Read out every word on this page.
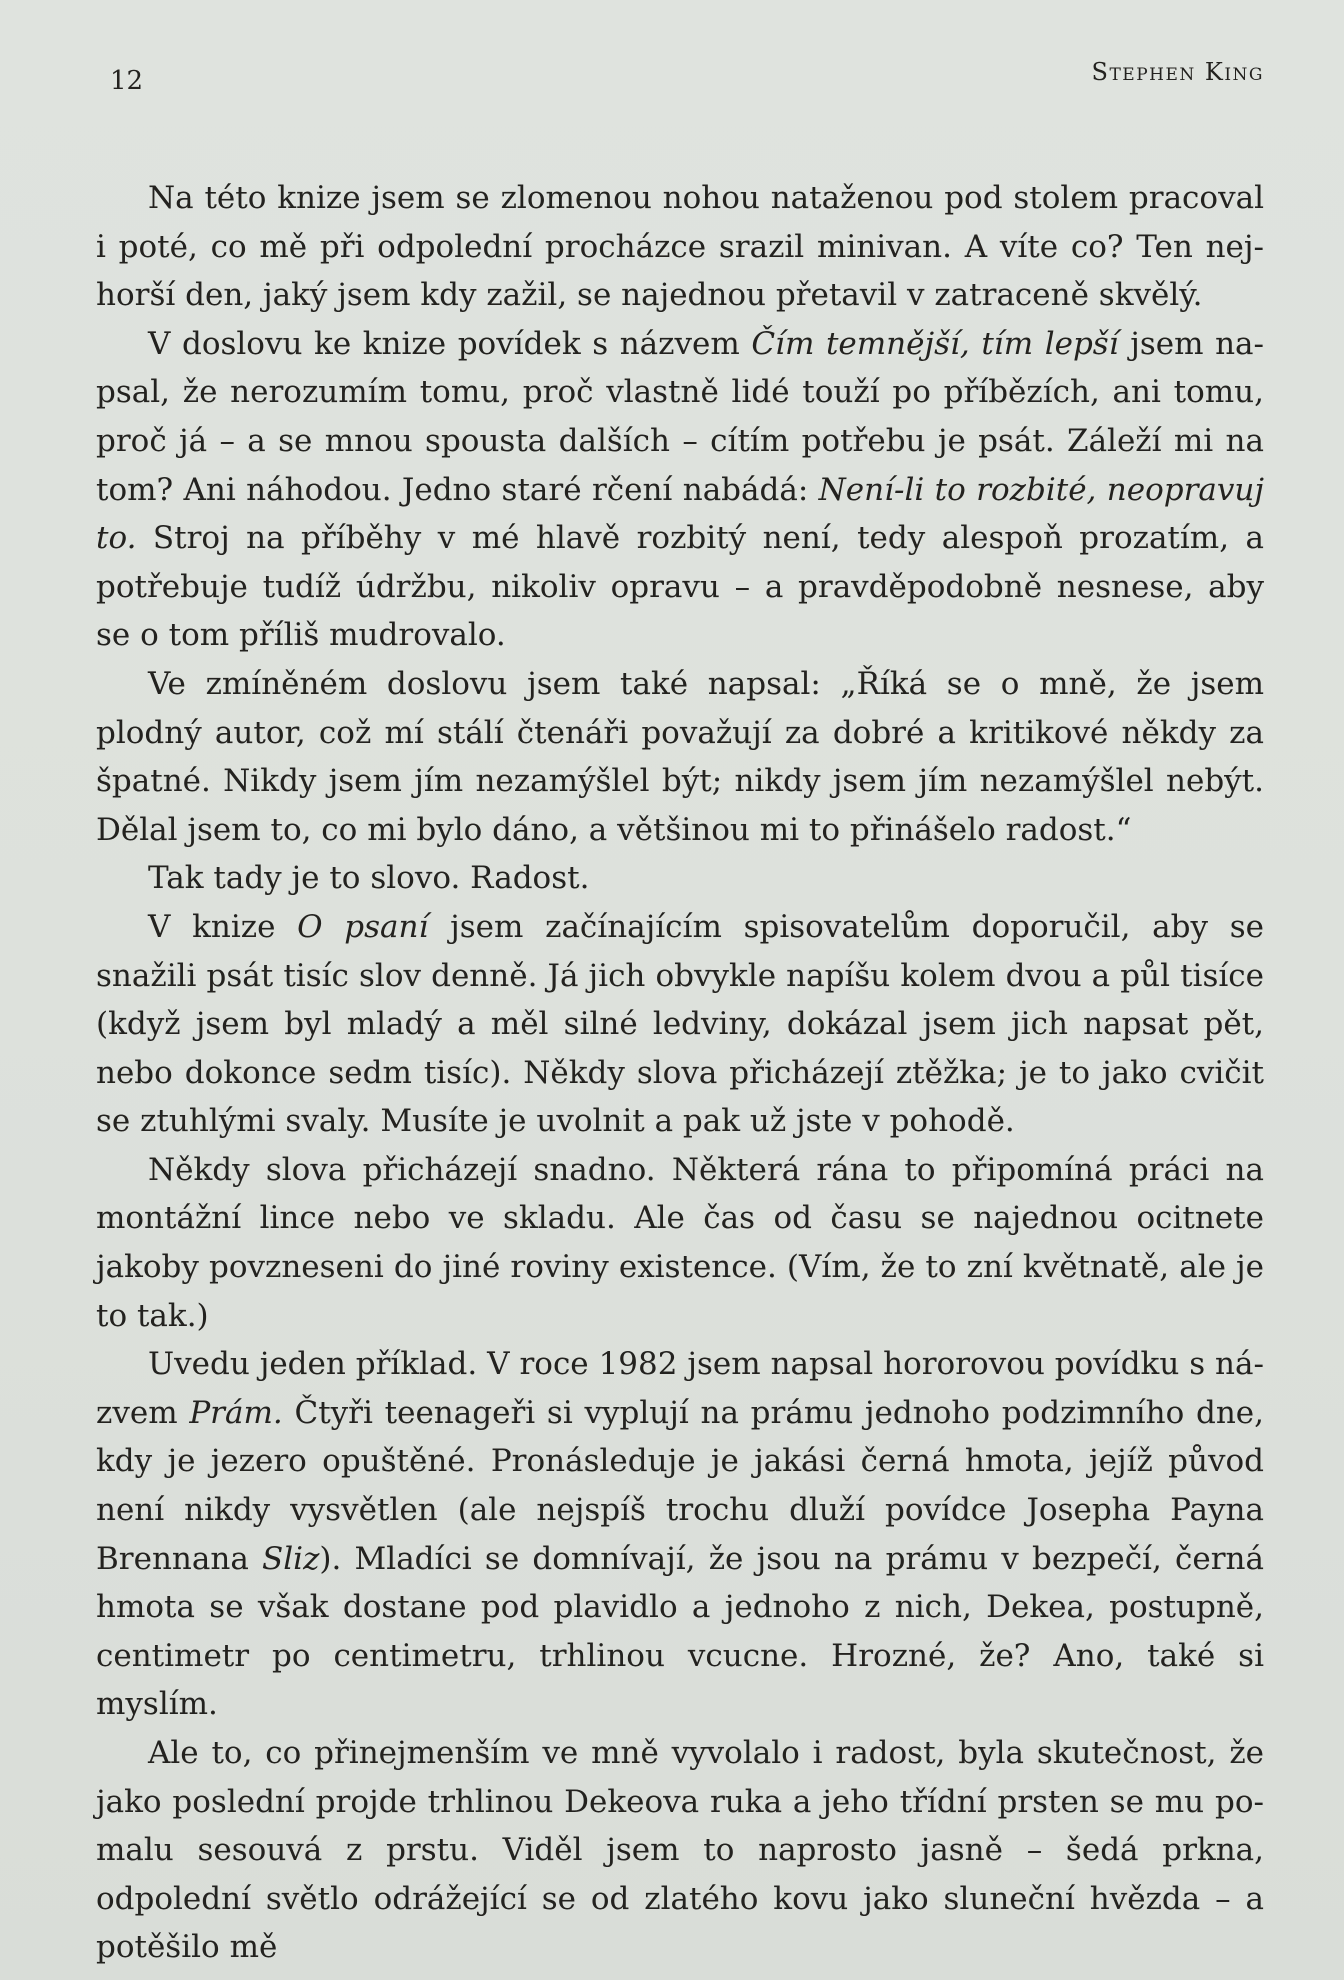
12	Stephen King

Na této knize jsem se zlomenou nohou nataženou pod stolem pracoval i poté, co mě při odpolední procházce srazil minivan. A víte co? Ten nejhorší den, jaký jsem kdy zažil, se najednou přetavil v zatraceně skvělý.

V doslovu ke knize povídek s názvem Čím temnější, tím lepší jsem napsal, že nerozumím tomu, proč vlastně lidé touží po příbězích, ani tomu, proč já – a se mnou spousta dalších – cítím potřebu je psát. Záleží mi na tom? Ani náhodou. Jedno staré rčení nabádá: Není-li to rozbité, neopravuj to. Stroj na příběhy v mé hlavě rozbitý není, tedy alespoň prozatím, a potřebuje tudíž údržbu, nikoliv opravu – a pravděpodobně nesnese, aby se o tom příliš mudrovalo.

Ve zmíněném doslovu jsem také napsal: „Říká se o mně, že jsem plodný autor, což mí stálí čtenáři považují za dobré a kritikové někdy za špatné. Nikdy jsem jím nezamýšlel být; nikdy jsem jím nezamýšlel nebýt. Dělal jsem to, co mi bylo dáno, a většinou mi to přinášelo radost.“

Tak tady je to slovo. Radost.

V knize O psaní jsem začínajícím spisovatelům doporučil, aby se snažili psát tisíc slov denně. Já jich obvykle napíšu kolem dvou a půl tisíce (když jsem byl mladý a měl silné ledviny, dokázal jsem jich napsat pět, nebo dokonce sedm tisíc). Někdy slova přicházejí ztěžka; je to jako cvičit se ztuhlými svaly. Musíte je uvolnit a pak už jste v pohodě.

Někdy slova přicházejí snadno. Některá rána to připomíná práci na montážní lince nebo ve skladu. Ale čas od času se najednou ocitnete jakoby povzneseni do jiné roviny existence. (Vím, že to zní květnatě, ale je to tak.)

Uvedu jeden příklad. V roce 1982 jsem napsal hororovou povídku s názvem Prám. Čtyři teenageři si vyplují na prámu jednoho podzimního dne, kdy je jezero opuštěné. Pronásleduje je jakási černá hmota, jejíž původ není nikdy vysvětlen (ale nejspíš trochu dluží povídce Josepha Payna Brennana Sliz). Mladíci se domnívají, že jsou na prámu v bezpečí, černá hmota se však dostane pod plavidlo a jednoho z nich, Dekea, postupně, centimetr po centimetru, trhlinou vcucne. Hrozné, že? Ano, také si myslím.

Ale to, co přinejmenším ve mně vyvolalo i radost, byla skutečnost, že jako poslední projde trhlinou Dekeova ruka a jeho třídní prsten se mu pomalu sesouvá z prstu. Viděl jsem to naprosto jasně – šedá prkna, odpolední světlo odrážející se od zlatého kovu jako sluneční hvězda – a potěšilo mě
